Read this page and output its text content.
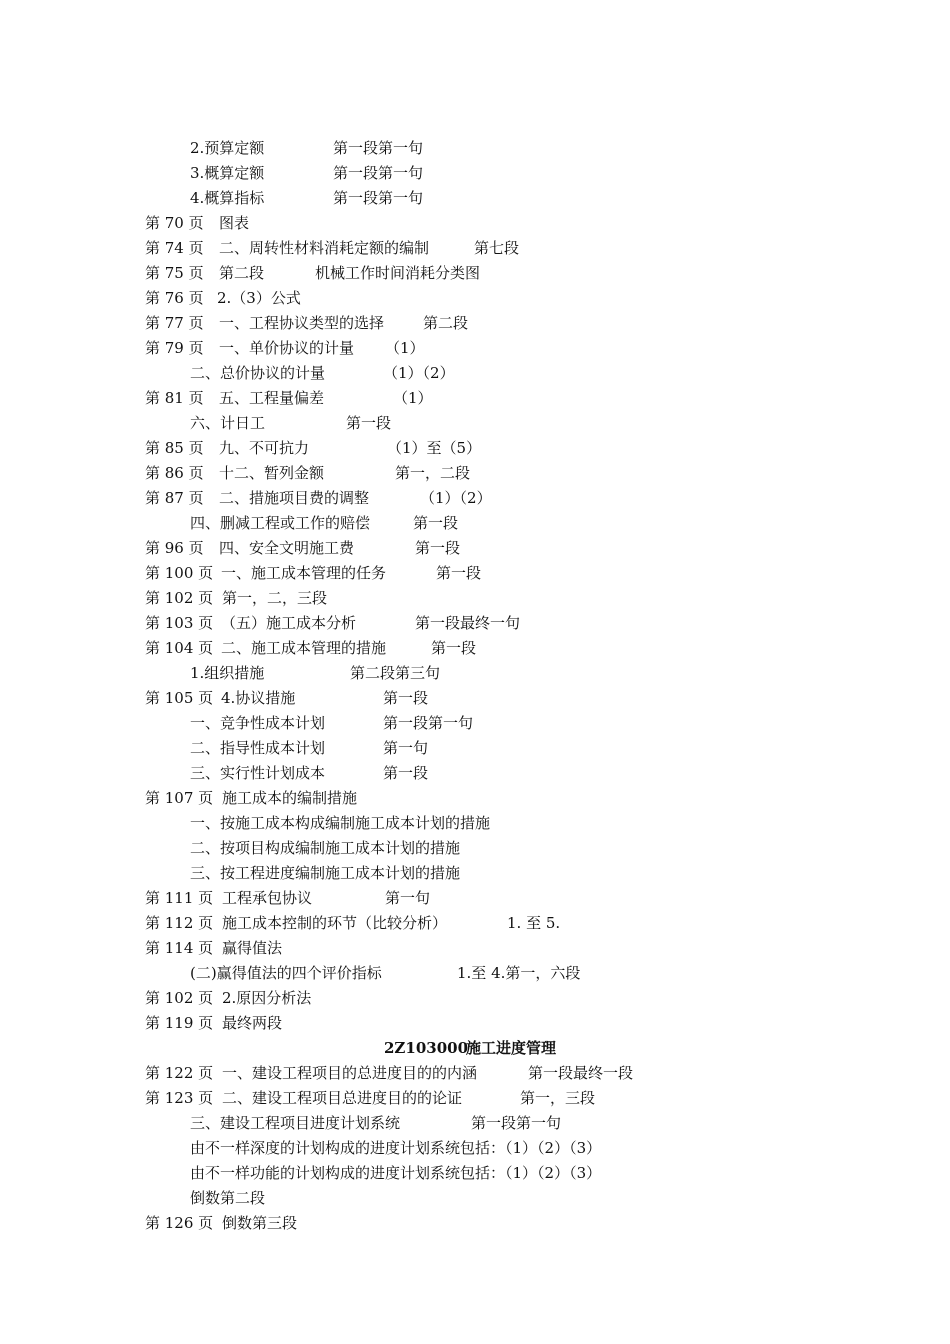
2.预算定额	第一段第一句
3.概算定额	第一段第一句
4.概算指标	第一段第一句
第 70 页 图表
第 74 页 二、周转性材料消耗定额的编制	第七段
第 75 页 第二段	机械工作时间消耗分类图
第 76 页 2.（3）公式
第 77 页 一、工程协议类型的选择	第二段
第 79 页 一、单价协议的计量 （1）
二、总价协议的计量	（1）（2）
第 81 页 五、工程量偏差	（1）
六、计日工	第一段
第 85 页 九、不可抗力	（1）至（5）
第 86 页 十二、暂列金额	第一，二段
第 87 页 二、措施项目费的调整	（1）（2）
四、删减工程或工作的赔偿	第一段
第 96 页 四、安全文明施工费	第一段
第 100 页 一、施工成本管理的任务	第一段
第 102 页 第一，二，三段
第 103 页 （五）施工成本分析	第一段最终一句
第 104 页 二、施工成本管理的措施	第一段
1.组织措施	第二段第三句
第 105 页 4.协议措施	第一段
一、竞争性成本计划	第一段第一句
二、指导性成本计划	第一句
三、实行性计划成本	第一段
第 107 页 施工成本的编制措施
一、按施工成本构成编制施工成本计划的措施
二、按项目构成编制施工成本计划的措施
三、按工程进度编制施工成本计划的措施
第 111 页 工程承包协议	第一句
第 112 页 施工成本控制的环节（比较分析）	1. 至 5.
第 114 页 赢得值法
(二)赢得值法的四个评价指标	1.至 4.第一，六段
第 102 页 2.原因分析法
第 119 页 最终两段
2Z103000
施工进度管理
第 122 页 一、建设工程项目的总进度目的的内涵	第一段最终一段
第 123 页 二、建设工程项目总进度目的的论证	第一，三段
三、建设工程项目进度计划系统	第一段第一句
由不一样深度的计划构成的进度计划系统包括：（1）（2）（3）
由不一样功能的计划构成的进度计划系统包括：（1）（2）（3）
倒数第二段
第 126 页 倒数第三段
